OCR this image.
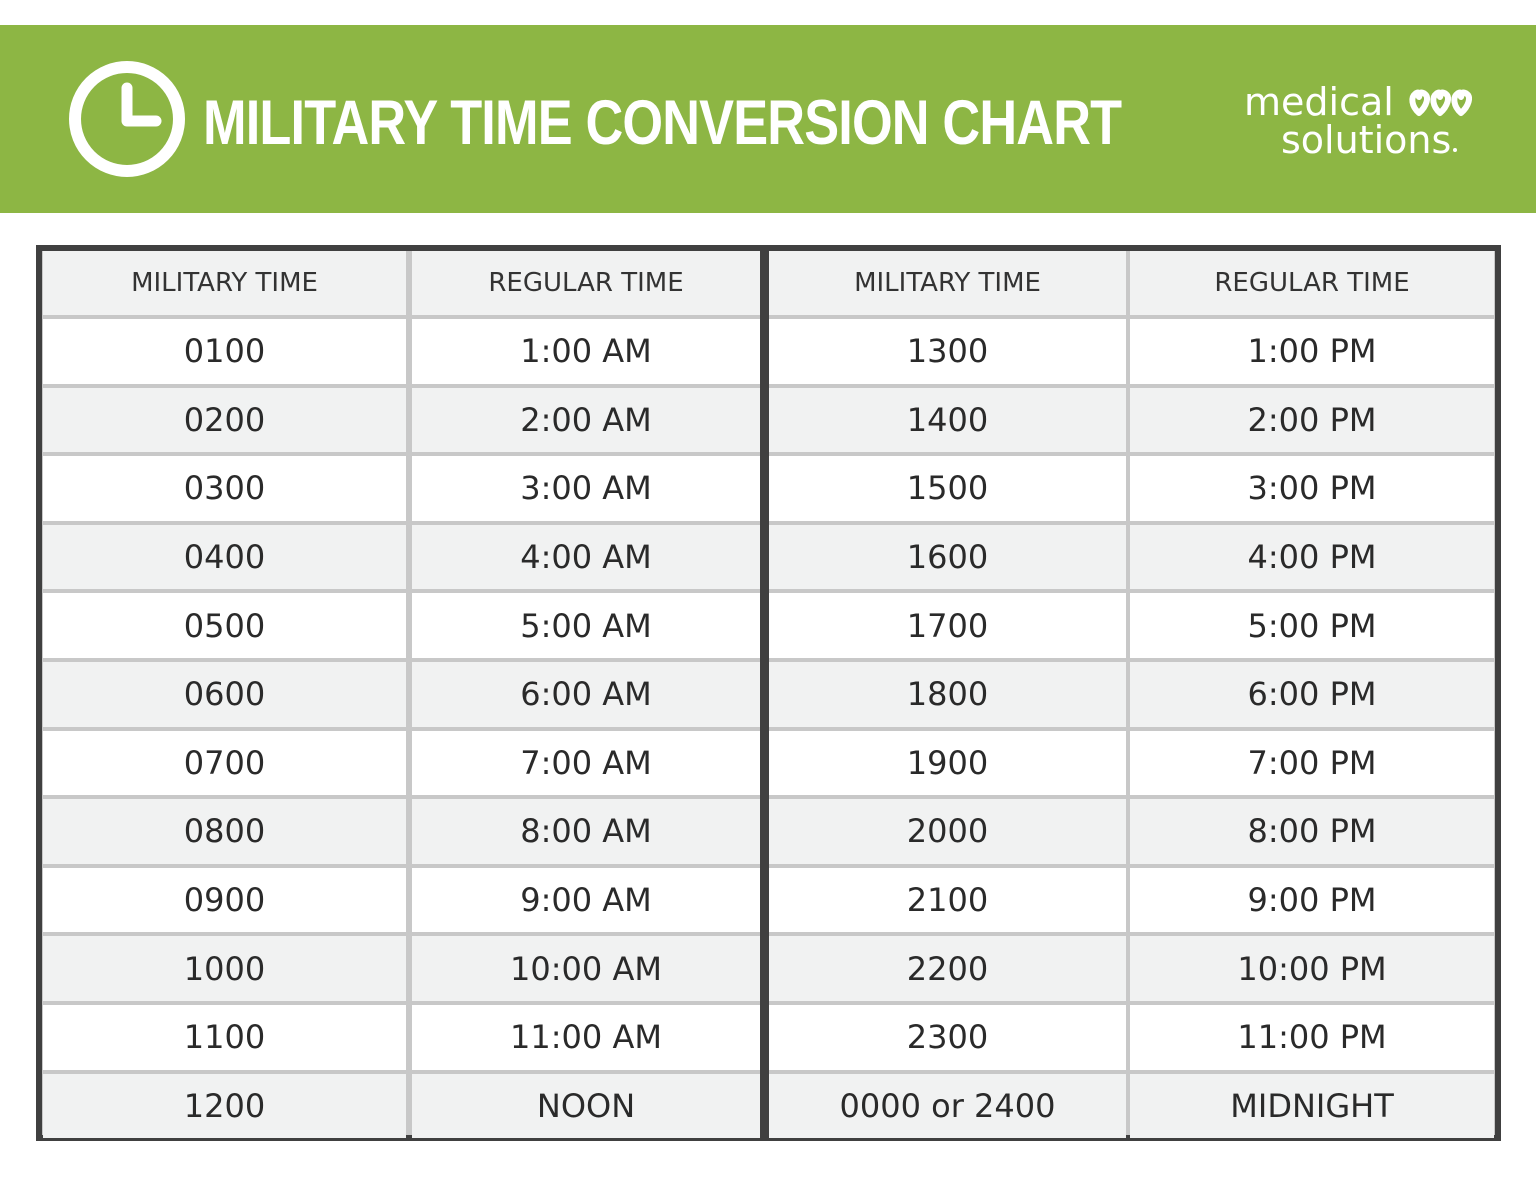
MILITARY TIME CONVERSION CHART	medical
solutions
MILITARY TIME	REGULAR TIME	MILITARY TIME	REGULAR TIME
0100	1:00 AM	1300	1:00 PM
0200	2:00 AM	1400	2:00 PM
0300	3:00 AM	1500	3:00 PM
0400	4:00 AM	1600	4:00 PM
0500	5:00 AM	1700	5:00 PM
0600	6:00 AM	1800	6:00 PM
0700	7:00 AM	1900	7:00 PM
0800	8:00 AM	2000	8:00 PM
0900	9:00 AM	2100	9:00 PM
1000	10:00 AM	2200	10:00 PM
1100	11:00 AM	2300	11:00 PM
1200	NOON	0000 or 2400	MIDNIGHT
